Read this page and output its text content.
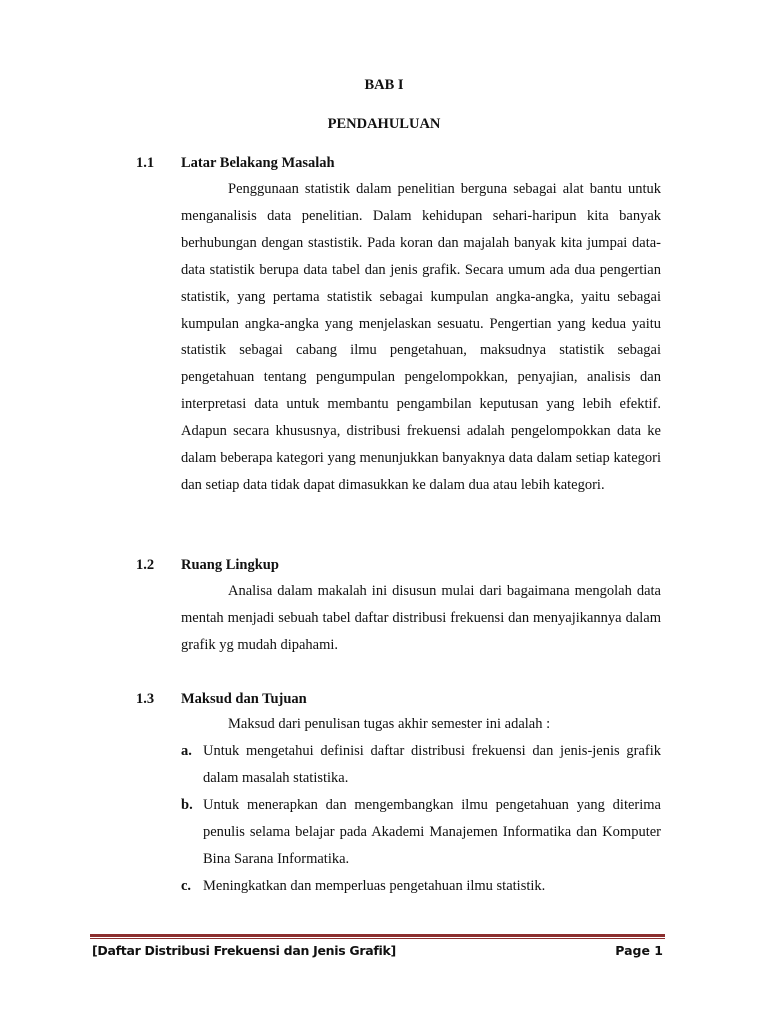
BAB I
PENDAHULUAN
1.1 Latar Belakang Masalah

Penggunaan statistik dalam penelitian berguna sebagai alat bantu untuk menganalisis data penelitian. Dalam kehidupan sehari-haripun kita banyak berhubungan dengan stastistik. Pada koran dan majalah banyak kita jumpai data-data statistik berupa data tabel dan jenis grafik. Secara umum ada dua pengertian statistik, yang pertama statistik sebagai kumpulan angka-angka, yaitu sebagai kumpulan angka-angka yang menjelaskan sesuatu. Pengertian yang kedua yaitu statistik sebagai cabang ilmu pengetahuan, maksudnya statistik sebagai pengetahuan tentang pengumpulan pengelompokkan, penyajian, analisis dan interpretasi data untuk membantu pengambilan keputusan yang lebih efektif. Adapun secara khususnya, distribusi frekuensi adalah pengelompokkan data ke dalam beberapa kategori yang menunjukkan banyaknya data dalam setiap kategori dan setiap data tidak dapat dimasukkan ke dalam dua atau lebih kategori.

1.2 Ruang Lingkup

Analisa dalam makalah ini disusun mulai dari bagaimana mengolah data mentah menjadi sebuah tabel daftar distribusi frekuensi dan menyajikannya dalam grafik yg mudah dipahami.

1.3 Maksud dan Tujuan

Maksud dari penulisan tugas akhir semester ini adalah :

a. Untuk mengetahui definisi daftar distribusi frekuensi dan jenis-jenis grafik dalam masalah statistika.
b. Untuk menerapkan dan mengembangkan ilmu pengetahuan yang diterima penulis selama belajar pada Akademi Manajemen Informatika dan Komputer Bina Sarana Informatika.
c. Meningkatkan dan memperluas pengetahuan ilmu statistik.
[Daftar Distribusi Frekuensi dan Jenis Grafik]	Page 1
